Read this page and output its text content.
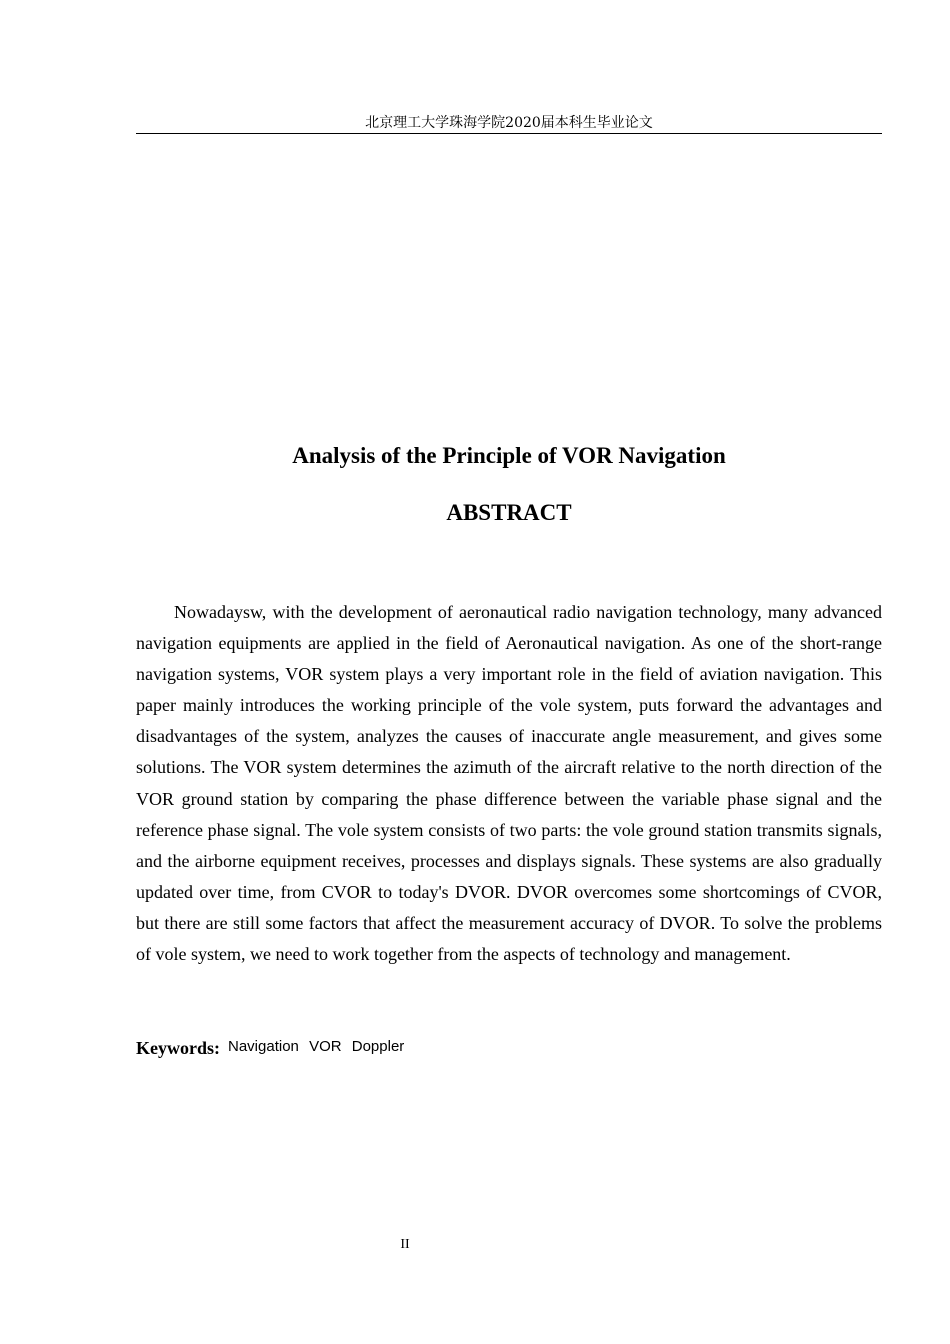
北京理工大学珠海学院2020届本科生毕业论文
Analysis of the Principle of VOR Navigation
ABSTRACT

Nowadaysw, with the development of aeronautical radio navigation technology, many advanced navigation equipments are applied in the field of Aeronautical navigation. As one of the short-range navigation systems, VOR system plays a very important role in the field of aviation navigation. This paper mainly introduces the working principle of the vole system, puts forward the advantages and disadvantages of the system, analyzes the causes of inaccurate angle measurement, and gives some solutions. The VOR system determines the azimuth of the aircraft relative to the north direction of the VOR ground station by comparing the phase difference between the variable phase signal and the reference phase signal. The vole system consists of two parts: the vole ground station transmits signals, and the airborne equipment receives, processes and displays signals. These systems are also gradually updated over time, from CVOR to today's DVOR. DVOR overcomes some shortcomings of CVOR, but there are still some factors that affect the measurement accuracy of DVOR. To solve the problems of vole system, we need to work together from the aspects of technology and management.

Keywords: Navigation VOR Doppler
II
